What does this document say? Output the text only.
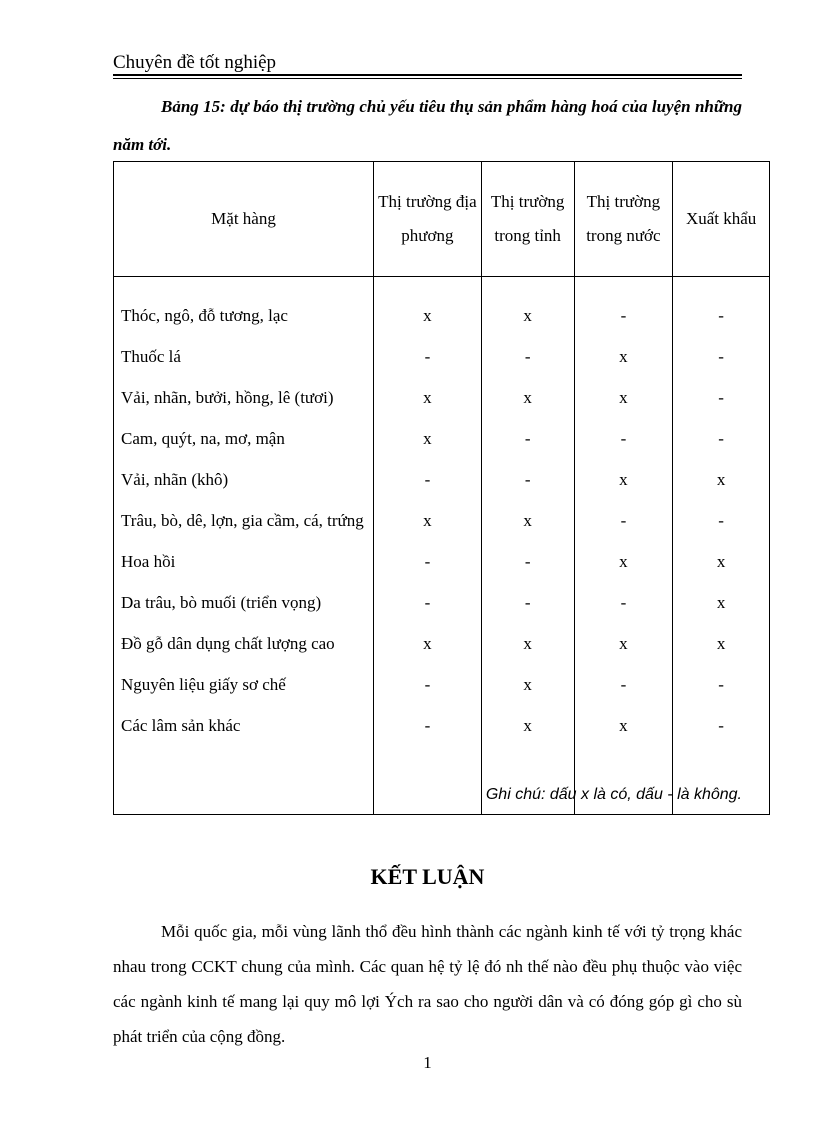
Chuyên đề tốt nghiệp
Bảng 15: dự báo thị trường chủ yếu tiêu thụ sản phẩm hàng hoá của luyện những năm tới.
Mặt hàng	Thị trường địa phương	Thị trường trong tỉnh	Thị trường trong nước	Xuất khẩu
Thóc, ngô, đỗ tương, lạc	x	x	-	-
Thuốc lá	-	-	x	-
Vải, nhãn, bưởi, hồng, lê (tươi)	x	x	x	-
Cam, quýt, na, mơ, mận	x	-	-	-
Vải, nhãn (khô)	-	-	x	x
Trâu, bò, dê, lợn, gia cầm, cá, trứng	x	x	-	-
Hoa hồi	-	-	x	x
Da trâu, bò muối (triển vọng)	-	-	-	x
Đồ gỗ dân dụng chất lượng cao	x	x	x	x
Nguyên liệu giấy sơ chế	-	x	-	-
Các lâm sản khác	-	x	x	-

Ghi chú: dấu x là có, dấu - là không.
KẾT LUẬN
Mỗi quốc gia, mỗi vùng lãnh thổ đều hình thành các ngành kinh tế với tỷ trọng khác nhau trong CCKT chung của mình. Các quan hệ tỷ lệ đó nh thế nào đều phụ thuộc vào việc các ngành kinh tế mang lại quy mô lợi Ých ra sao cho người dân và có đóng góp gì cho sù phát triển của cộng đồng.
1
